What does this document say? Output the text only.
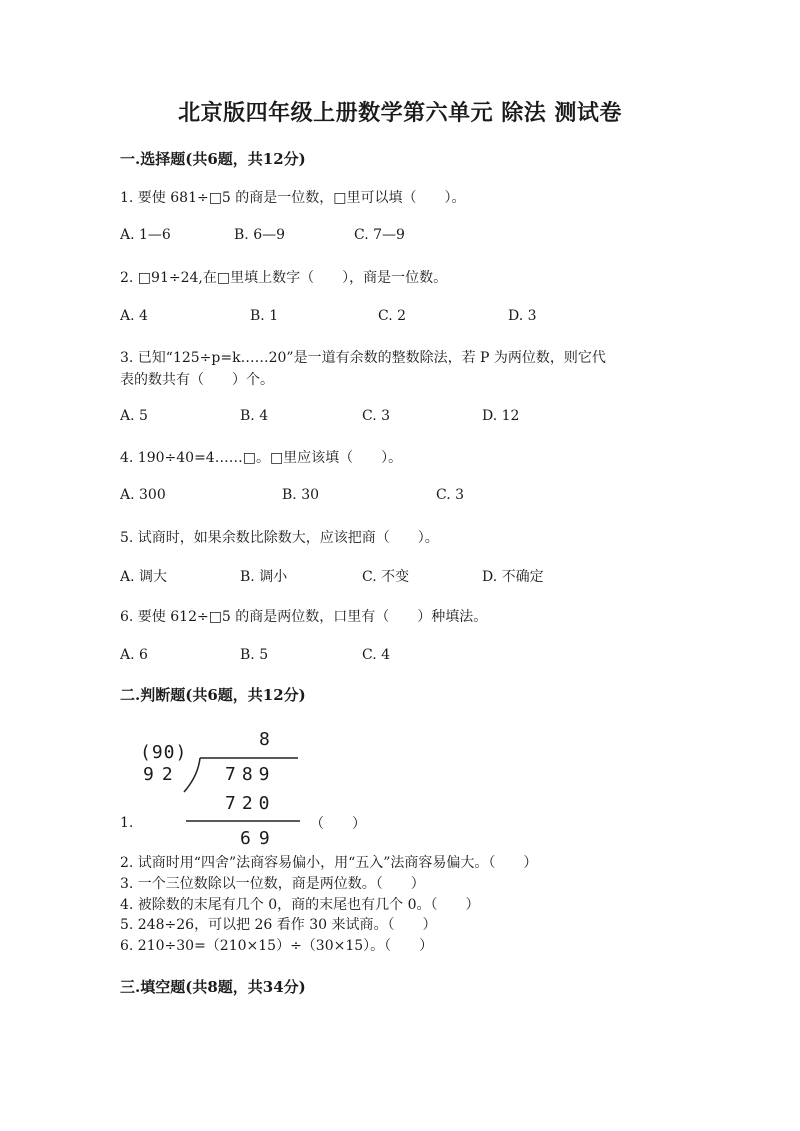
北京版四年级上册数学第六单元 除法 测试卷
一.选择题(共6题，共12分)
1. 要使 681÷□5 的商是一位数，□里可以填（　　）。
A. 1—6	B. 6—9	C. 7—9
2. □91÷24,在□里填上数字（　　），商是一位数。
A. 4	B. 1	C. 2	D. 3
3. 已知“125÷p=k……20”是一道有余数的整数除法，若 P 为两位数，则它代
表的数共有（　　）个。
A. 5	B. 4	C. 3	D. 12
4. 190÷40=4……□。□里应该填（　　）。
A. 300	B. 30	C. 3
5. 试商时，如果余数比除数大，应该把商（　　）。
A. 调大	B. 调小	C. 不变	D. 不确定
6. 要使 612÷□5 的商是两位数，口里有（　　）种填法。
A. 6	B. 5	C. 4
二.判断题(共6题，共12分)
(90)
8
92 789
720
69
1.	（　　）
2. 试商时用“四舍”法商容易偏小，用“五入”法商容易偏大。（　　）
3. 一个三位数除以一位数，商是两位数。（　　）
4. 被除数的末尾有几个 0，商的末尾也有几个 0。（　　）
5. 248÷26，可以把 26 看作 30 来试商。（　　）
6. 210÷30=（210×15）÷（30×15）。（　　）
三.填空题(共8题，共34分)
